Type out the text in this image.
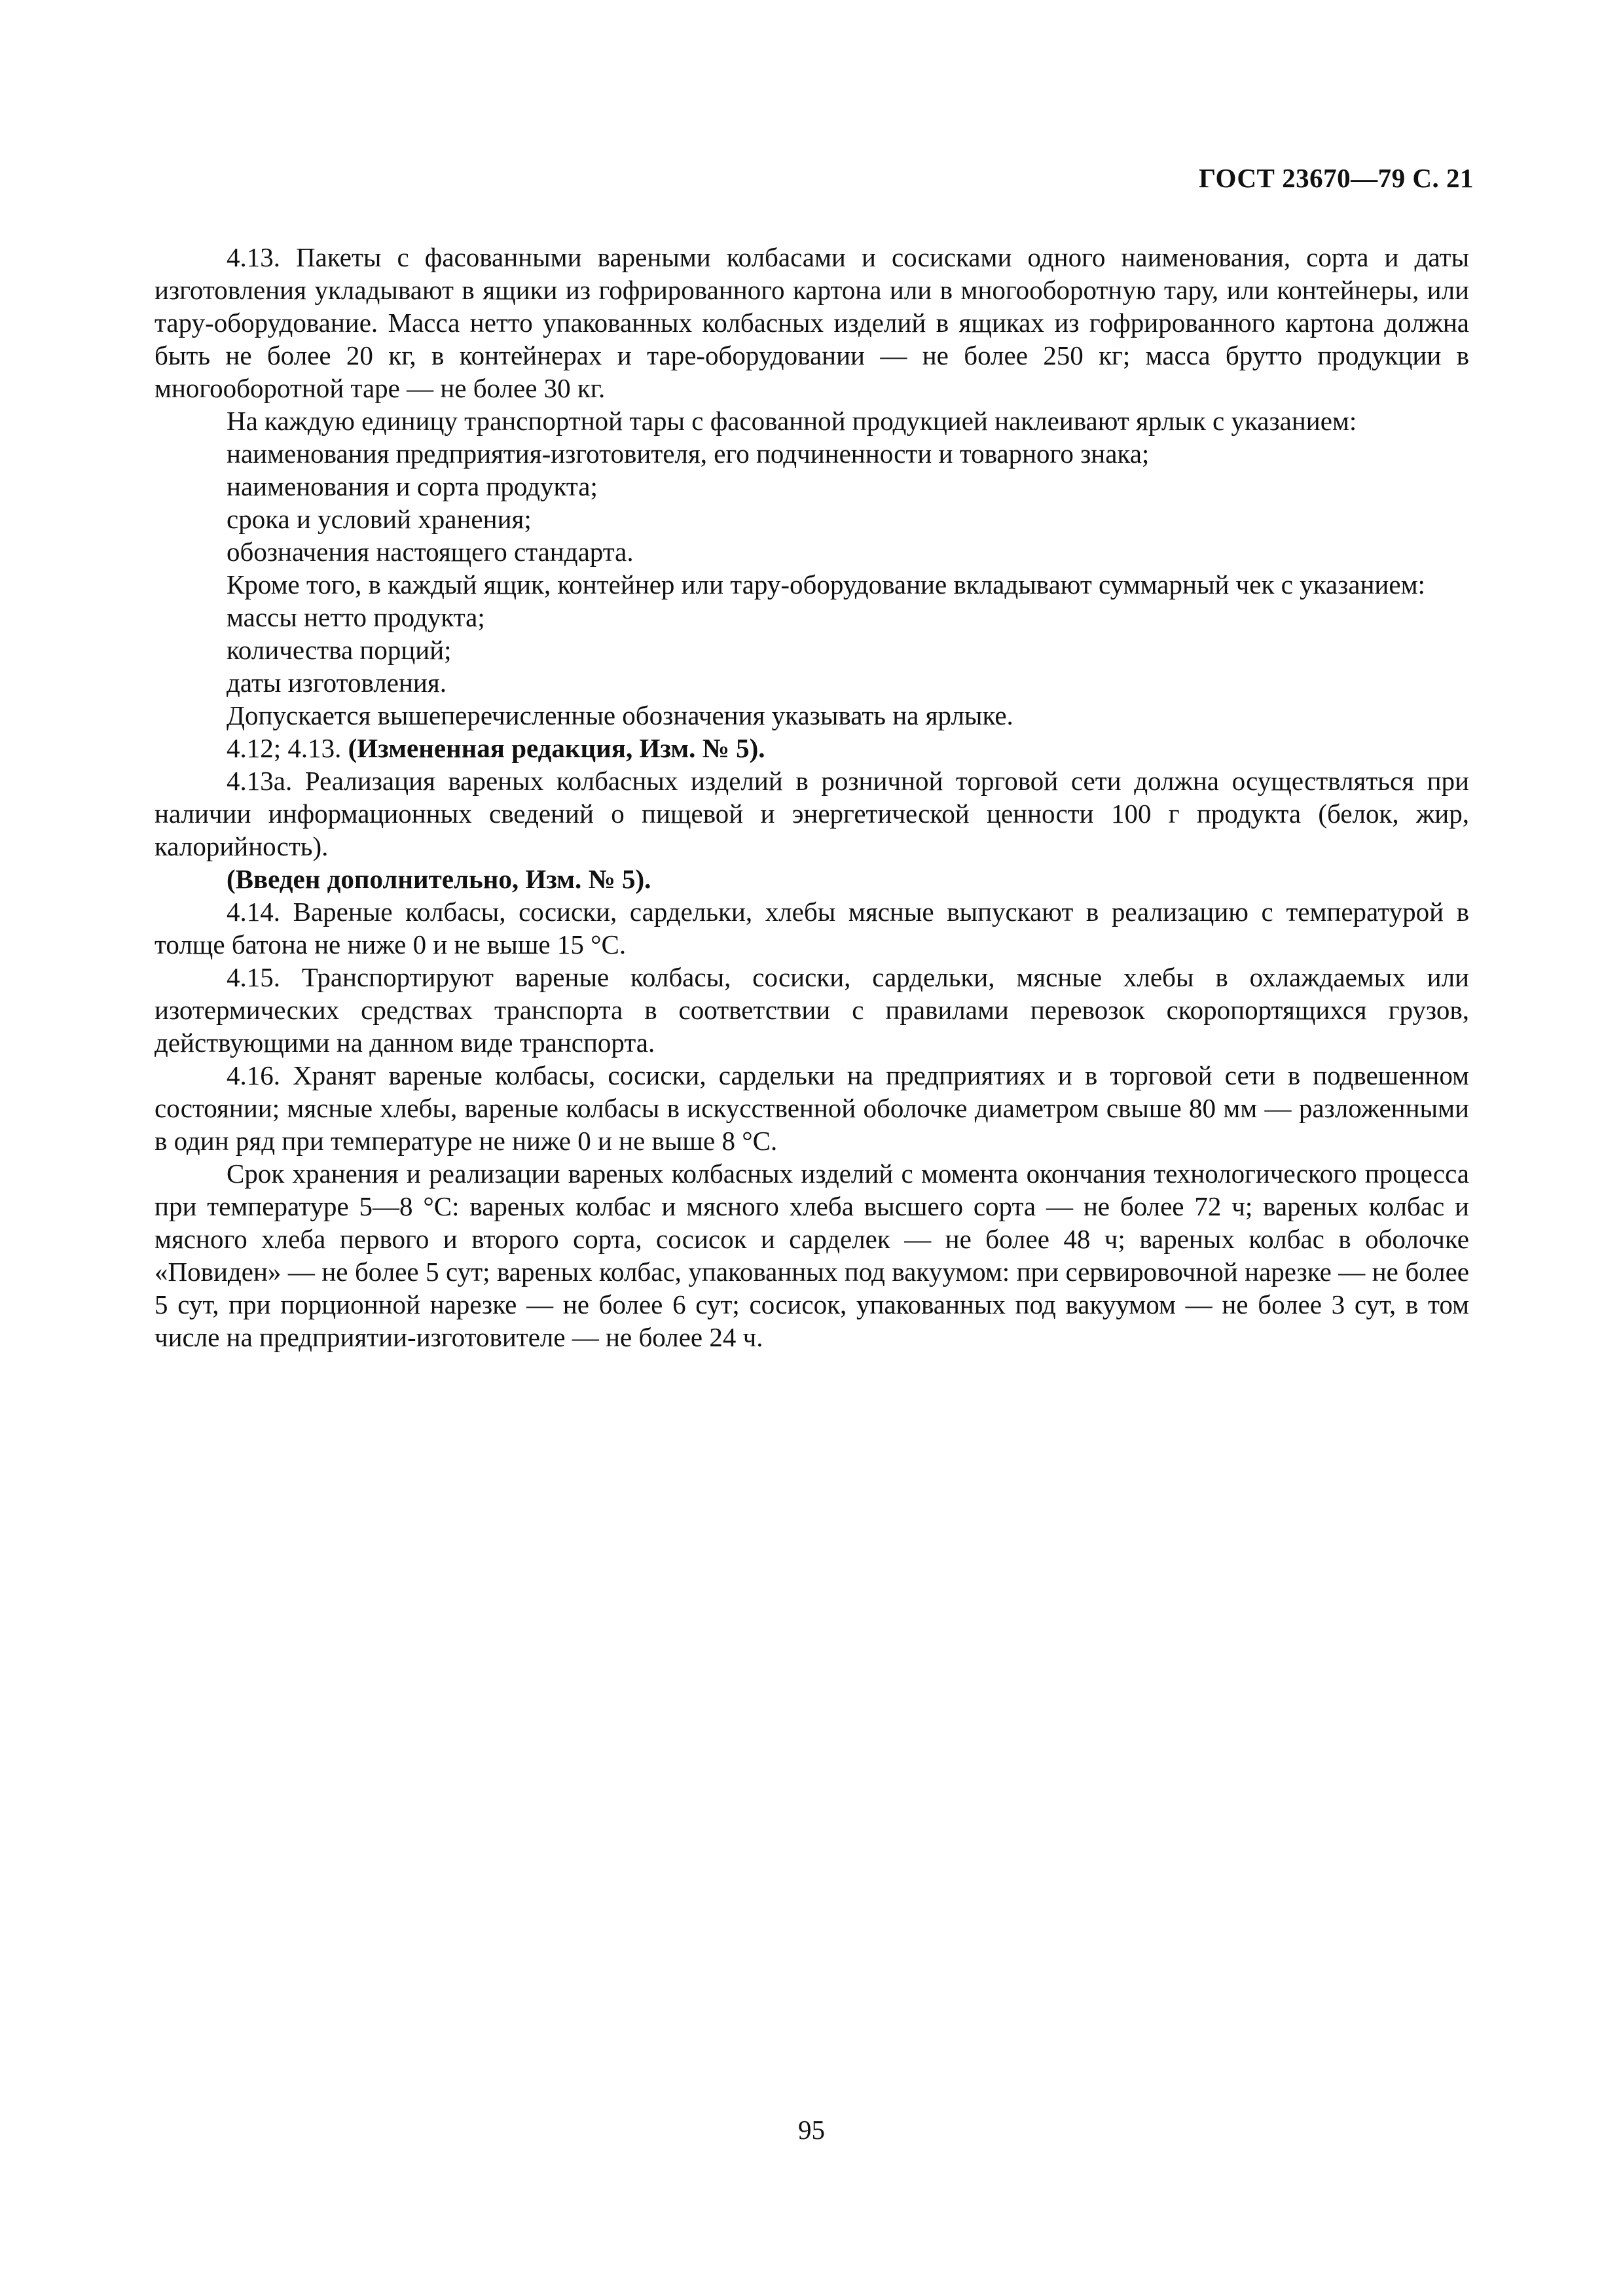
ГОСТ 23670—79 С. 21

4.13. Пакеты с фасованными вареными колбасами и сосисками одного наименования, сорта и даты изготовления укладывают в ящики из гофрированного картона или в многооборотную тару, или контейнеры, или тару-оборудование. Масса нетто упакованных колбасных изделий в ящиках из гофрированного картона должна быть не более 20 кг, в контейнерах и таре-оборудовании — не более 250 кг; масса брутто продукции в многооборотной таре — не более 30 кг.

На каждую единицу транспортной тары с фасованной продукцией наклеивают ярлык с указанием:

наименования предприятия-изготовителя, его подчиненности и товарного знака;

наименования и сорта продукта;

срока и условий хранения;

обозначения настоящего стандарта.

Кроме того, в каждый ящик, контейнер или тару-оборудование вкладывают суммарный чек с указанием:

массы нетто продукта;

количества порций;

даты изготовления.

Допускается вышеперечисленные обозначения указывать на ярлыке.

4.12; 4.13. (Измененная редакция, Изм. № 5).

4.13а. Реализация вареных колбасных изделий в розничной торговой сети должна осуществляться при наличии информационных сведений о пищевой и энергетической ценности 100 г продукта (белок, жир, калорийность).

(Введен дополнительно, Изм. № 5).

4.14. Вареные колбасы, сосиски, сардельки, хлебы мясные выпускают в реализацию с температурой в толще батона не ниже 0 и не выше 15 °С.

4.15. Транспортируют вареные колбасы, сосиски, сардельки, мясные хлебы в охлаждаемых или изотермических средствах транспорта в соответствии с правилами перевозок скоропортящихся грузов, действующими на данном виде транспорта.

4.16. Хранят вареные колбасы, сосиски, сардельки на предприятиях и в торговой сети в подвешенном состоянии; мясные хлебы, вареные колбасы в искусственной оболочке диаметром свыше 80 мм — разложенными в один ряд при температуре не ниже 0 и не выше 8 °С.

Срок хранения и реализации вареных колбасных изделий с момента окончания технологического процесса при температуре 5—8 °С: вареных колбас и мясного хлеба высшего сорта — не более 72 ч; вареных колбас и мясного хлеба первого и второго сорта, сосисок и сарделек — не более 48 ч; вареных колбас в оболочке «Повиден» — не более 5 сут; вареных колбас, упакованных под вакуумом: при сервировочной нарезке — не более 5 сут, при порционной нарезке — не более 6 сут; сосисок, упакованных под вакуумом — не более 3 сут, в том числе на предприятии-изготовителе — не более 24 ч.

95
